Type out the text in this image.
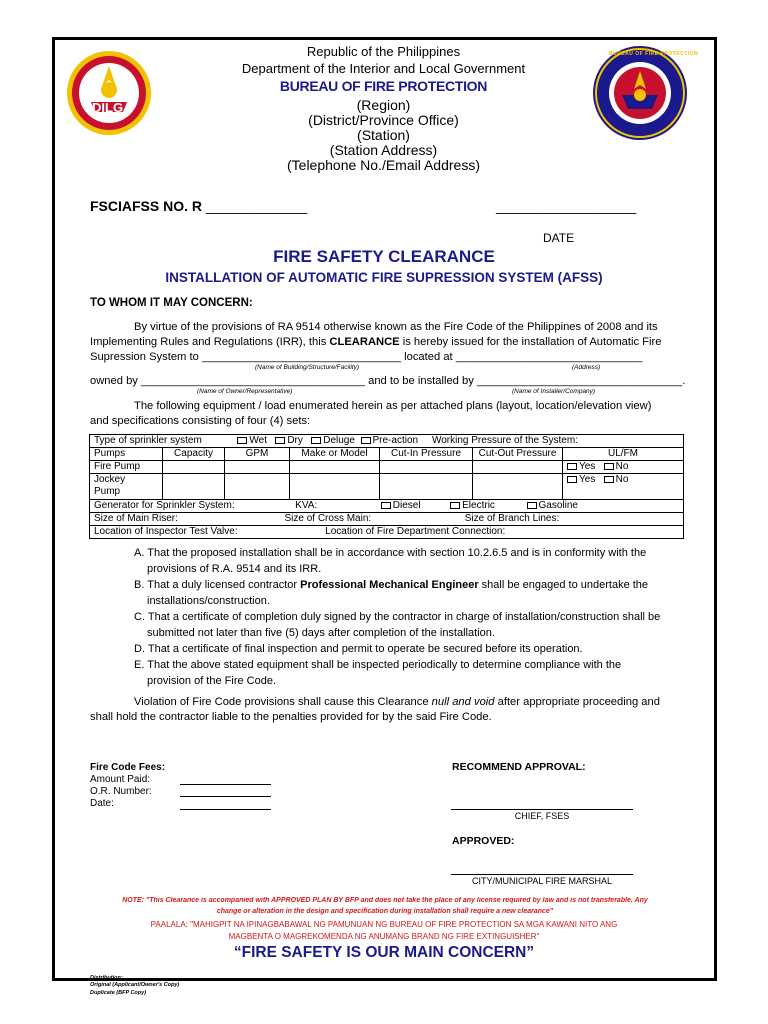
DILG
BUREAU OF FIRE PROTECTION
Republic of the Philippines
Department of the Interior and Local Government
BUREAU OF FIRE PROTECTION
(Region)
(District/Province Office)
(Station)
(Station Address)
(Telephone No./Email Address)
FSCIAFSS NO. R _____________	__________________
DATE
FIRE SAFETY CLEARANCE
INSTALLATION OF AUTOMATIC FIRE SUPRESSION SYSTEM (AFSS)
TO WHOM IT MAY CONCERN:
By virtue of the provisions of RA 9514 otherwise known as the Fire Code of the Philippines of 2008 and its
Implementing Rules and Regulations (IRR), this CLEARANCE is hereby issued for the installation of Automatic Fire
Supression System to ________________________________ located at ______________________________
(Name of Building/Structure/Facility)	(Address)
owned by ____________________________________ and to be installed by _________________________________.
(Name of Owner/Representative)	(Name of Installer/Company)
The following equipment / load enumerated herein as per attached plans (layout, location/elevation view)
and specifications consisting of four (4) sets:
Type of sprinkler system Wet Dry Deluge Pre-action Working Pressure of the System:						
Pumps	Capacity	GPM	Make or Model	Cut-In Pressure	Cut-Out Pressure	UL/FM
Fire Pump						Yes No
Jockey
Pump						Yes No
Generator for Sprinkler System: KVA: Diesel Electric Gasoline						
Size of Main Riser: Size of Cross Main: Size of Branch Lines:						
Location of Inspector Test Valve: Location of Fire Department Connection:						
A. That the proposed installation shall be in accordance with section 10.2.6.5 and is in conformity with the
provisions of R.A. 9514 and its IRR.
B. That a duly licensed contractor Professional Mechanical Engineer shall be engaged to undertake the
installations/construction.
C. That a certificate of completion duly signed by the contractor in charge of installation/construction shall be
submitted not later than five (5) days after completion of the installation.
D. That a certificate of final inspection and permit to operate be secured before its operation.
E. That the above stated equipment shall be inspected periodically to determine compliance with the
provision of the Fire Code.
Violation of Fire Code provisions shall cause this Clearance null and void after appropriate proceeding and
shall hold the contractor liable to the penalties provided for by the said Fire Code.
Fire Code Fees:
Amount Paid:
O.R. Number:
Date:
RECOMMEND APPROVAL:
CHIEF, FSES
APPROVED:
CITY/MUNICIPAL FIRE MARSHAL
NOTE: "This Clearance is accompanied with APPROVED PLAN BY BFP and does not take the place of any license required by law and is not transferable. Any
change or alteration in the design and specification during installation shall require a new clearance"
PAALALA: "MAHIGPIT NA IPINAGBABAWAL NG PAMUNUAN NG BUREAU OF FIRE PROTECTION SA MGA KAWANI NITO ANG
MAGBENTA O MAGREKOMENDA NG ANUMANG BRAND NG FIRE EXTINGUISHER"
“FIRE SAFETY IS OUR MAIN CONCERN”
Distribution:
Original (Applicant/Owner's Copy)
Duplicate (BFP Copy)
